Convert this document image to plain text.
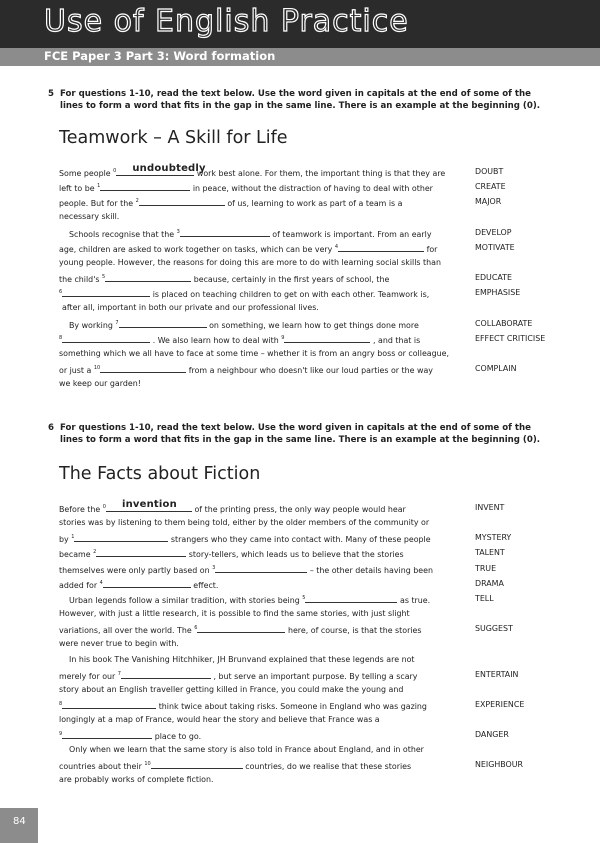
Use of English Practice
FCE Paper 3 Part 3: Word formation
5 For questions 1-10, read the text below. Use the word given in capitals at the end of some of the lines to form a word that fits in the gap in the same line. There is an example at the beginning (0).
Teamwork – A Skill for Life
Some people $^0$ undoubtedly
work best alone. For them, the important thing is that they are	DOUBT
left to be $^1$	in peace, without the distraction of having to deal with other	CREATE
people. But for the $^2$	of us, learning to work as part of a team is a	MAJOR
necessary skill.
Schools recognise that the $^3$	of teamwork is important. From an early	DEVELOP
age, children are asked to work together on tasks, which can be very $^4$	for	MOTIVATE
young people. However, the reasons for doing this are more to do with learning social skills than
the child's $^5$	because, certainly in the first years of school, the	EDUCATE
$^6$	is placed on teaching children to get on with each other. Teamwork is,	EMPHASISE
after all, important in both our private and our professional lives.
By working $^7$	on something, we learn how to get things done more	COLLABORATE
$^8$	. We also learn how to deal with $^9$	, and that is	EFFECT CRITICISE
something which we all have to face at some time – whether it is from an angry boss or colleague,
or just a $^{10}$	from a neighbour who doesn't like our loud parties or the way	COMPLAIN
we keep our garden!
6 For questions 1-10, read the text below. Use the word given in capitals at the end of some of the lines to form a word that fits in the gap in the same line. There is an example at the beginning (0).
The Facts about Fiction
Before the $^0$ invention of the printing press, the only way people would hear	INVENT
stories was by listening to them being told, either by the older members of the community or
by $^1$	strangers who they came into contact with. Many of these people	MYSTERY
became $^2$	story-tellers, which leads us to believe that the stories	TALENT
themselves were only partly based on $^3$	– the other details having been	TRUE
added for $^4$	effect.	DRAMA
Urban legends follow a similar tradition, with stories being $^5$	as true.	TELL
However, with just a little research, it is possible to find the same stories, with just slight
variations, all over the world. The $^6$	here, of course, is that the stories	SUGGEST
were never true to begin with.
In his book The Vanishing Hitchhiker, JH Brunvand explained that these legends are not
merely for our $^7$	, but serve an important purpose. By telling a scary	ENTERTAIN
story about an English traveller getting killed in France, you could make the young and
$^8$	think twice about taking risks. Someone in England who was gazing	EXPERIENCE
longingly at a map of France, would hear the story and believe that France was a
$^9$	place to go.	DANGER
Only when we learn that the same story is also told in France about England, and in other
countries about their $^{10}$	countries, do we realise that these stories	NEIGHBOUR
are probably works of complete fiction.
84
